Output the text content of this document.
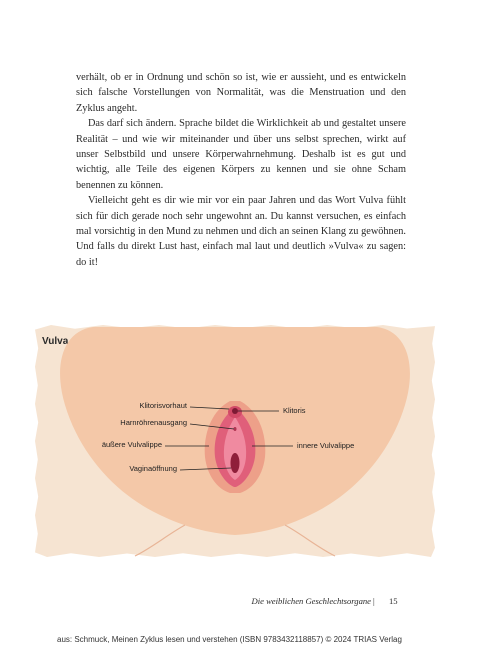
verhält, ob er in Ordnung und schön so ist, wie er aussieht, und es entwickeln sich falsche Vorstellungen von Normalität, was die Menstruation und den Zyklus angeht.

Das darf sich ändern. Sprache bildet die Wirklichkeit ab und gestaltet unsere Realität – und wie wir miteinander und über uns selbst sprechen, wirkt auf unser Selbstbild und unsere Körperwahrnehmung. Deshalb ist es gut und wichtig, alle Teile des eigenen Körpers zu kennen und sie ohne Scham benennen zu können.

Vielleicht geht es dir wie mir vor ein paar Jahren und das Wort Vulva fühlt sich für dich gerade noch sehr ungewohnt an. Du kannst versuchen, es einfach mal vorsichtig in den Mund zu nehmen und dich an seinen Klang zu gewöhnen. Und falls du direkt Lust hast, einfach mal laut und deutlich »Vulva« zu sagen: do it!

Vulva
Klitorisvorhaut
Harnröhrenausgang
äußere Vulvalippe
Vaginaöffnung
Klitoris
innere Vulvalippe
Die weiblichen Geschlechtsorgane | 15
aus: Schmuck, Meinen Zyklus lesen und verstehen (ISBN 9783432118857) © 2024 TRIAS Verlag
